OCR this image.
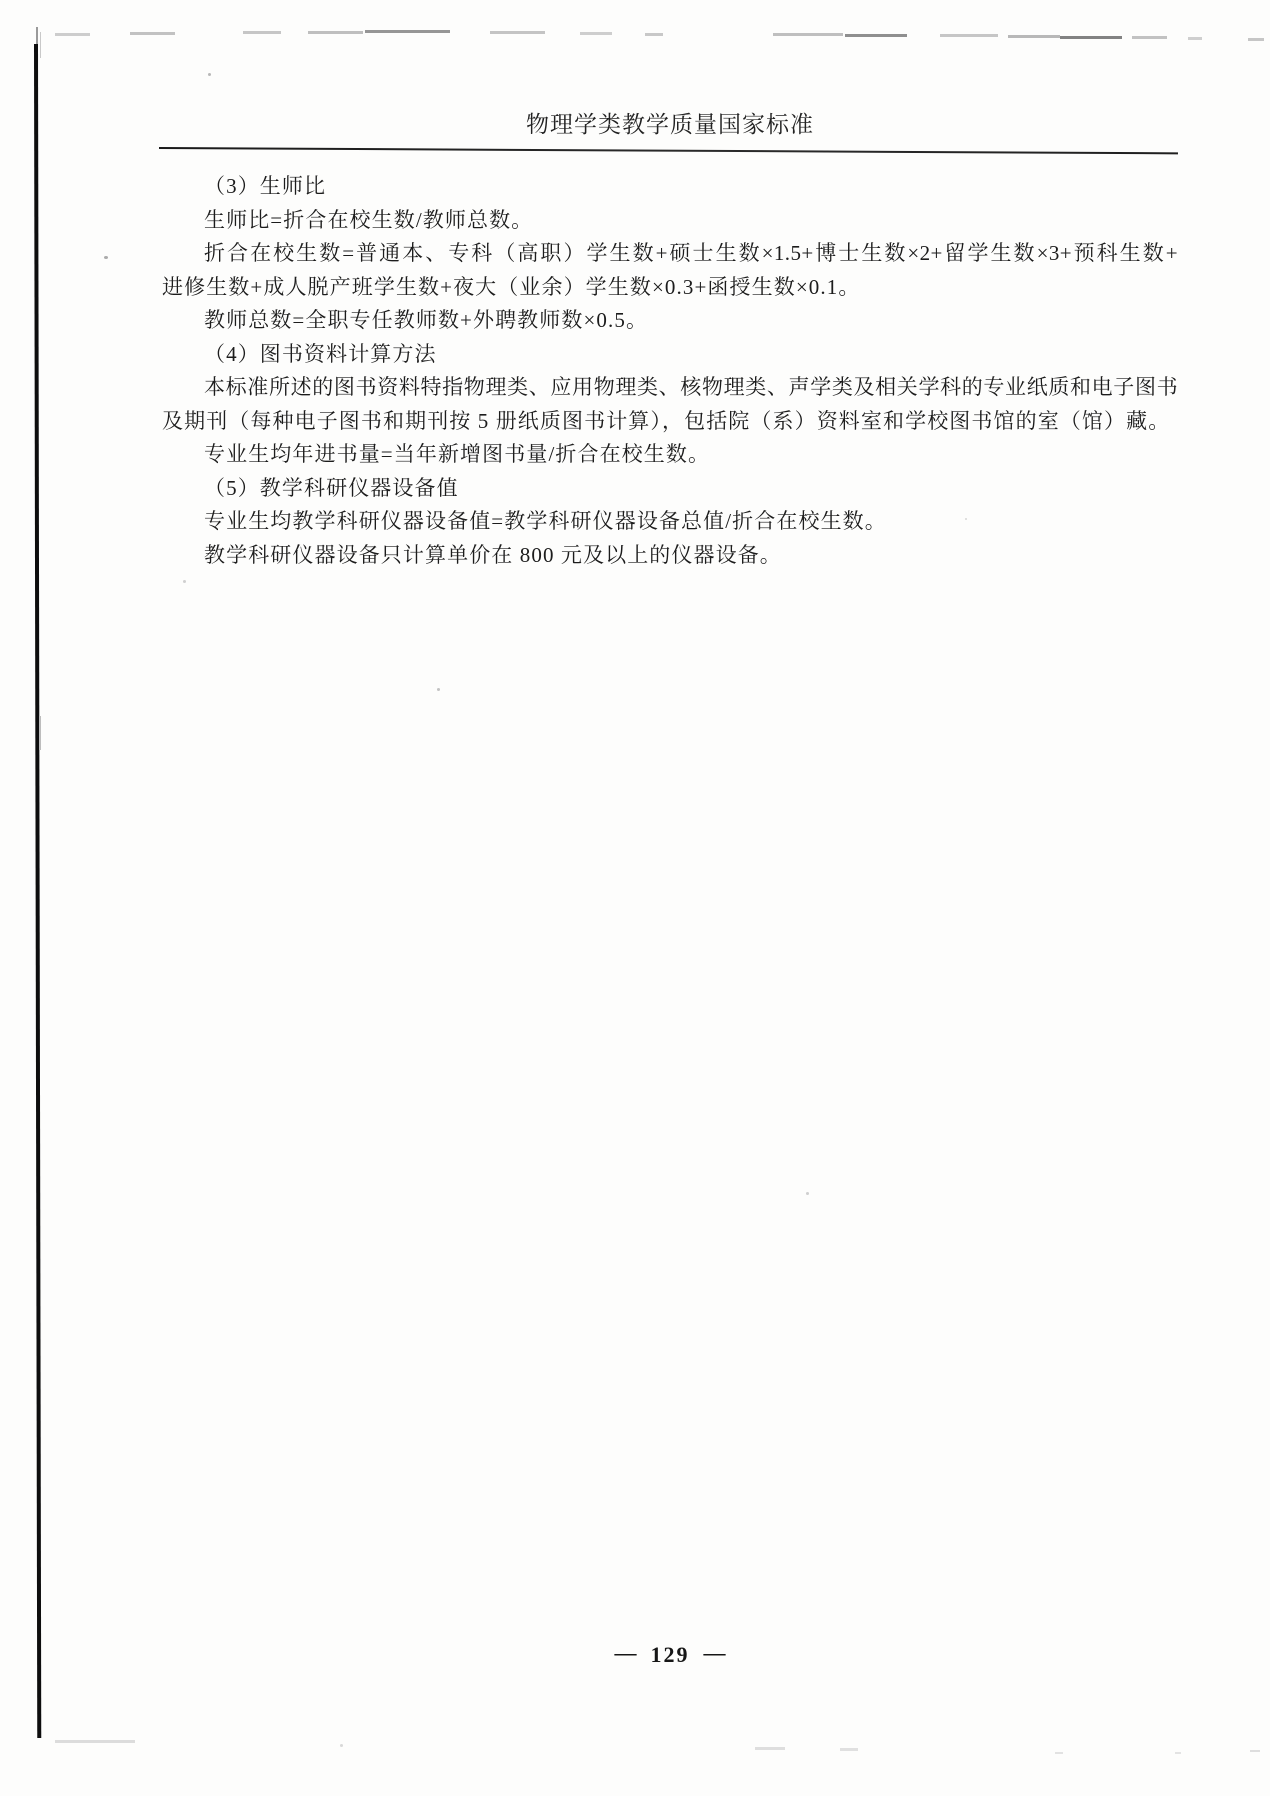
物理学类教学质量国家标准
（3）生师比
生师比=折合在校生数/教师总数。
折合在校生数=普通本、专科（高职）学生数+硕士生数×1.5+博士生数×2+留学生数×3+预科生数+
进修生数+成人脱产班学生数+夜大（业余）学生数×0.3+函授生数×0.1。
教师总数=全职专任教师数+外聘教师数×0.5。
（4）图书资料计算方法
本标准所述的图书资料特指物理类、应用物理类、核物理类、声学类及相关学科的专业纸质和电子图书
及期刊（每种电子图书和期刊按 5 册纸质图书计算），包括院（系）资料室和学校图书馆的室（馆）藏。
专业生均年进书量=当年新增图书量/折合在校生数。
（5）教学科研仪器设备值
专业生均教学科研仪器设备值=教学科研仪器设备总值/折合在校生数。
教学科研仪器设备只计算单价在 800 元及以上的仪器设备。
— 129 —
